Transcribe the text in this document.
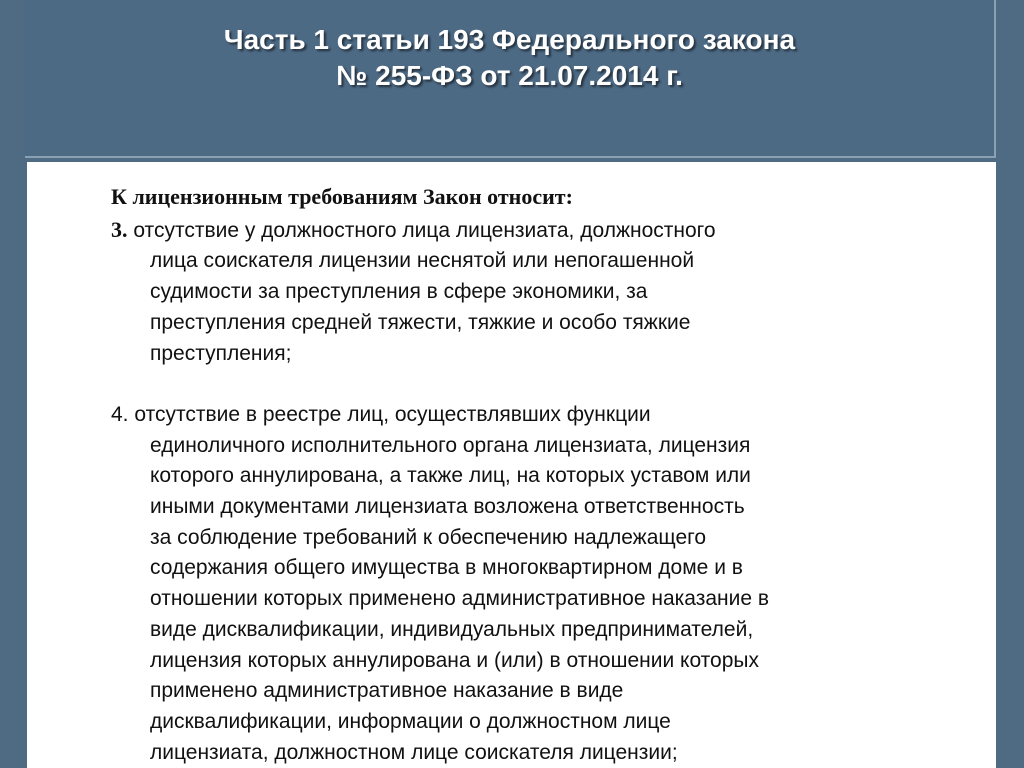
Часть 1 статьи 193 Федерального закона
№ 255-ФЗ от 21.07.2014 г.
К лицензионным требованиям Закон относит:
3. отсутствие у должностного лица лицензиата, должностного
лица соискателя лицензии неснятой или непогашенной
судимости за преступления в сфере экономики, за
преступления средней тяжести, тяжкие и особо тяжкие
преступления;
4. отсутствие в реестре лиц, осуществлявших функции
единоличного исполнительного органа лицензиата, лицензия
которого аннулирована, а также лиц, на которых уставом или
иными документами лицензиата возложена ответственность
за соблюдение требований к обеспечению надлежащего
содержания общего имущества в многоквартирном доме и в
отношении которых применено административное наказание в
виде дисквалификации, индивидуальных предпринимателей,
лицензия которых аннулирована и (или) в отношении которых
применено административное наказание в виде
дисквалификации, информации о должностном лице
лицензиата, должностном лице соискателя лицензии;
